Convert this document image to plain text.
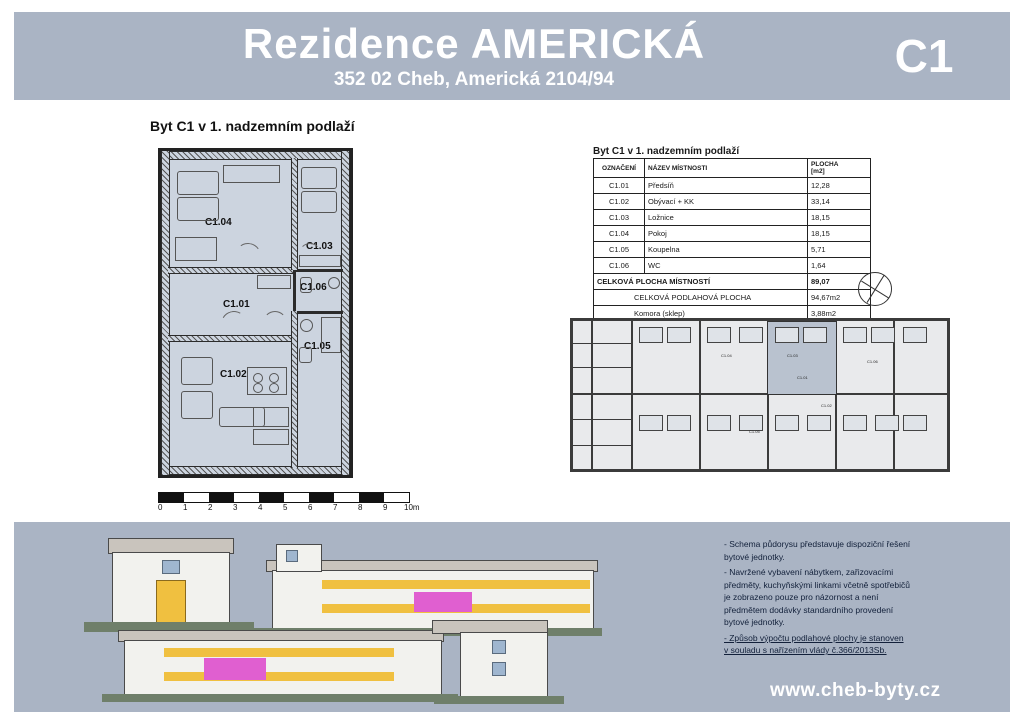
Rezidence AMERICKÁ
352 02 Cheb, Americká 2104/94	C1
Byt C1 v 1. nadzemním podlaží
C1.04
C1.03
C1.06
C1.01
C1.05
C1.02
0	1	2	3	4	5	6	7	8	9 10m
Byt C1 v 1. nadzemním podlaží
OZNAČENÍ	NÁZEV MÍSTNOSTI	PLOCHA
[m2]
C1.01	Předsíň	12,28
C1.02	Obývací + KK	33,14
C1.03	Ložnice	18,15
C1.04	Pokoj	18,15
C1.05	Koupelna	5,71
C1.06	WC	1,64
CELKOVÁ PLOCHA MÍSTNOSTÍ		89,07
CELKOVÁ PODLAHOVÁ PLOCHA		94,67m2
Komora (sklep)		3,88m2
C1.04	C1.03
C1.01
C1.02
C1.05
C1.06

- Schema půdorysu představuje dispoziční řešení

bytové jednotky.

- Navržené vybavení nábytkem, zařizovacími

předměty, kuchyňskými linkami včetně spotřebičů

je zobrazeno pouze pro názornost a není

předmětem dodávky standardního provedení

bytové jednotky.

- Způsob výpočtu podlahové plochy je stanoven

v souladu s nařízením vlády č.366/2013Sb.

www.cheb-byty.cz
